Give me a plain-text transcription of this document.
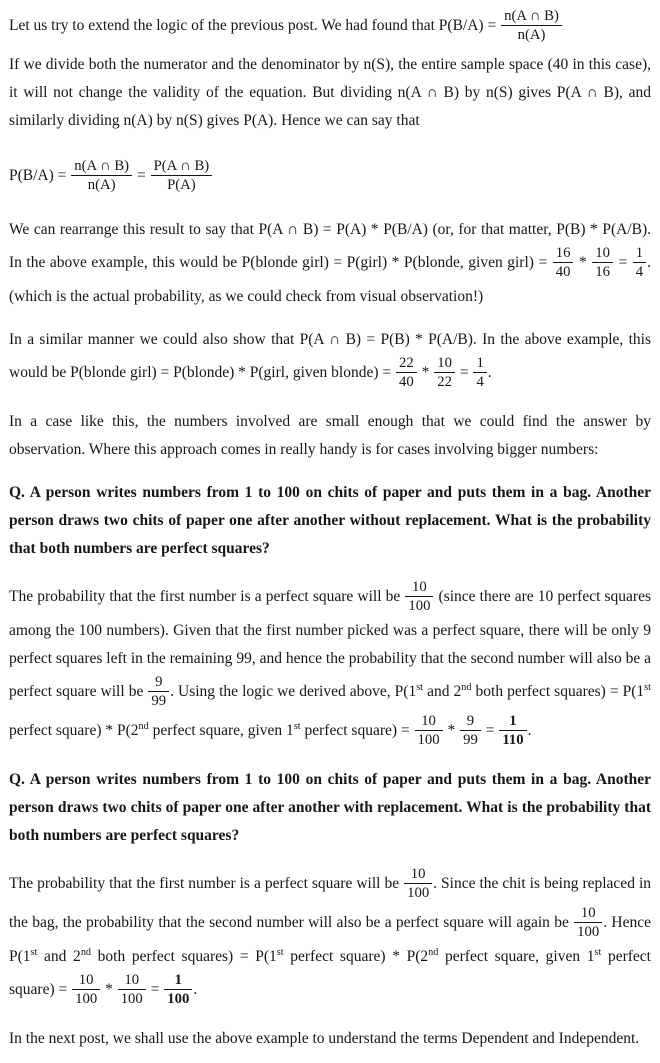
Let us try to extend the logic of the previous post. We had found that $P(B/A) = \frac{n(A \cap B)}{n(A)}$

If we divide both the numerator and the denominator by n(S), the entire sample space (40 in this case), it will not change the validity of the equation. But dividing n(A ∩ B) by n(S) gives P(A ∩ B), and similarly dividing n(A) by n(S) gives P(A). Hence we can say that

$P(B/A) = \frac{n(A \cap B)}{n(A)} = \frac{P(A \cap B)}{P(A)}$

We can rearrange this result to say that P(A ∩ B) = P(A) * P(B/A) (or, for that matter, P(B) * P(A/B). In the above example, this would be P(blonde girl) = P(girl) * P(blonde, given girl) = $\frac{16}{40} * \frac{10}{16} = \frac{1}{4}$ . (which is the actual probability, as we could check from visual observation!)

In a similar manner we could also show that P(A ∩ B) = P(B) * P(A/B). In the above example, this would be P(blonde girl) = P(blonde) * P(girl, given blonde) = $\frac{22}{40} * \frac{10}{22} = \frac{1}{4}$ .

In a case like this, the numbers involved are small enough that we could find the answer by observation. Where this approach comes in really handy is for cases involving bigger numbers:

Q. A person writes numbers from 1 to 100 on chits of paper and puts them in a bag. Another person draws two chits of paper one after another without replacement. What is the probability that both numbers are perfect squares?

The probability that the first number is a perfect square will be $\frac{10}{100}$ (since there are 10 perfect squares among the 100 numbers). Given that the first number picked was a perfect square, there will be only 9 perfect squares left in the remaining 99, and hence the probability that the second number will also be a perfect square will be $\frac{9}{99}$ . Using the logic we derived above, P(1st and 2nd both perfect squares) = P(1st perfect square) * P(2nd perfect square, given 1st perfect square) = $\frac{10}{100} * \frac{9}{99} = \frac{1}{110}$ .

Q. A person writes numbers from 1 to 100 on chits of paper and puts them in a bag. Another person draws two chits of paper one after another with replacement. What is the probability that both numbers are perfect squares?

The probability that the first number is a perfect square will be $\frac{10}{100}$ . Since the chit is being replaced in the bag, the probability that the second number will also be a perfect square will again be $\frac{10}{100}$ . Hence P(1st and 2nd both perfect squares) = P(1st perfect square) * P(2nd perfect square, given 1st perfect square) = $\frac{10}{100} * \frac{10}{100} = \frac{1}{100}$ .

In the next post, we shall use the above example to understand the terms Dependent and Independent.
